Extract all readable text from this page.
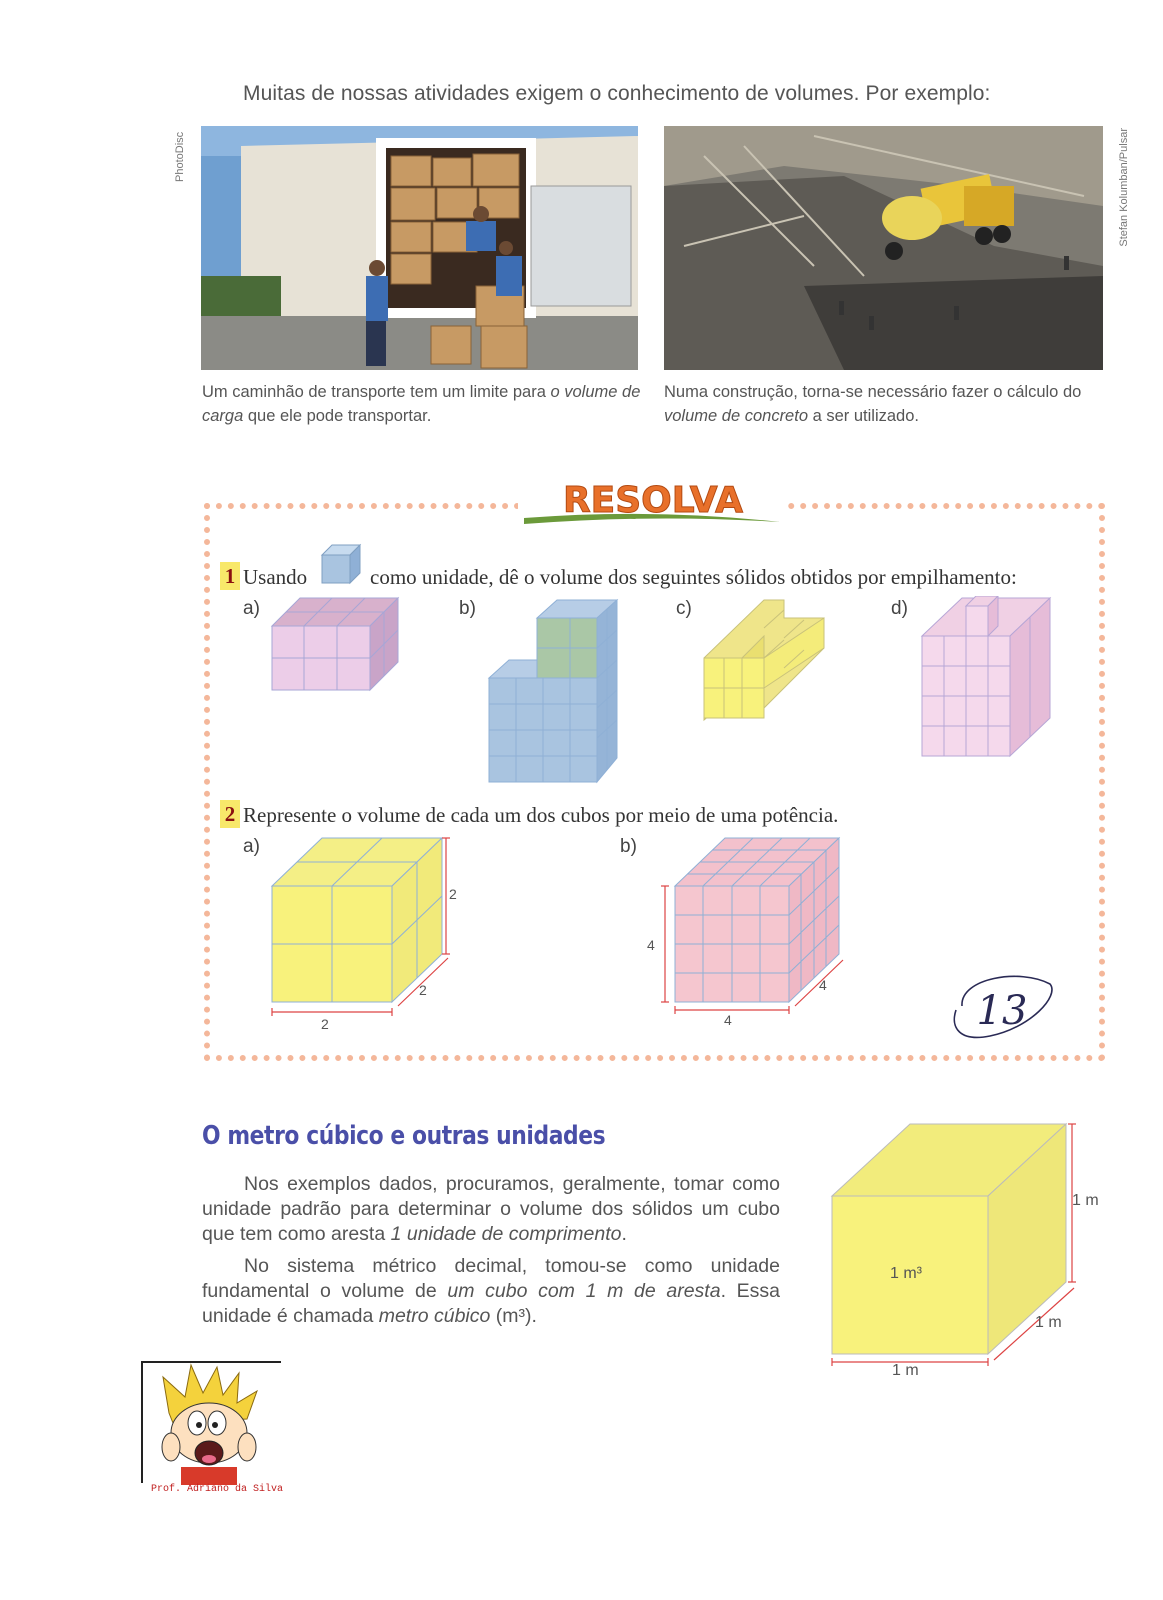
Muitas de nossas atividades exigem o conhecimento de volumes. Por exemplo:
PhotoDisc	Stefan Kolumban/Pulsar
Um caminhão de transporte tem um limite para o volume de carga que ele pode transportar.
Numa construção, torna-se necessário fazer o cálculo do volume de concreto a ser utilizado.
RESOLVA
1 Usando	como unidade, dê o volume dos seguintes sólidos obtidos por empilhamento:
a)	b)	c)	d)
2 Represente o volume de cada um dos cubos por meio de uma potência.
a)	b)
2
2
2
4
4
4	13
O metro cúbico e outras unidades
Nos exemplos dados, procuramos, geralmente, tomar como unidade padrão para determinar o volume dos sólidos um cubo que tem como aresta 1 unidade de comprimento.
No sistema métrico decimal, tomou-se como unidade fundamental o volume de um cubo com 1 m de aresta. Essa unidade é chamada metro cúbico (m³).
1 m³
1 m
1 m
1 m
Prof. Adriano da Silva
